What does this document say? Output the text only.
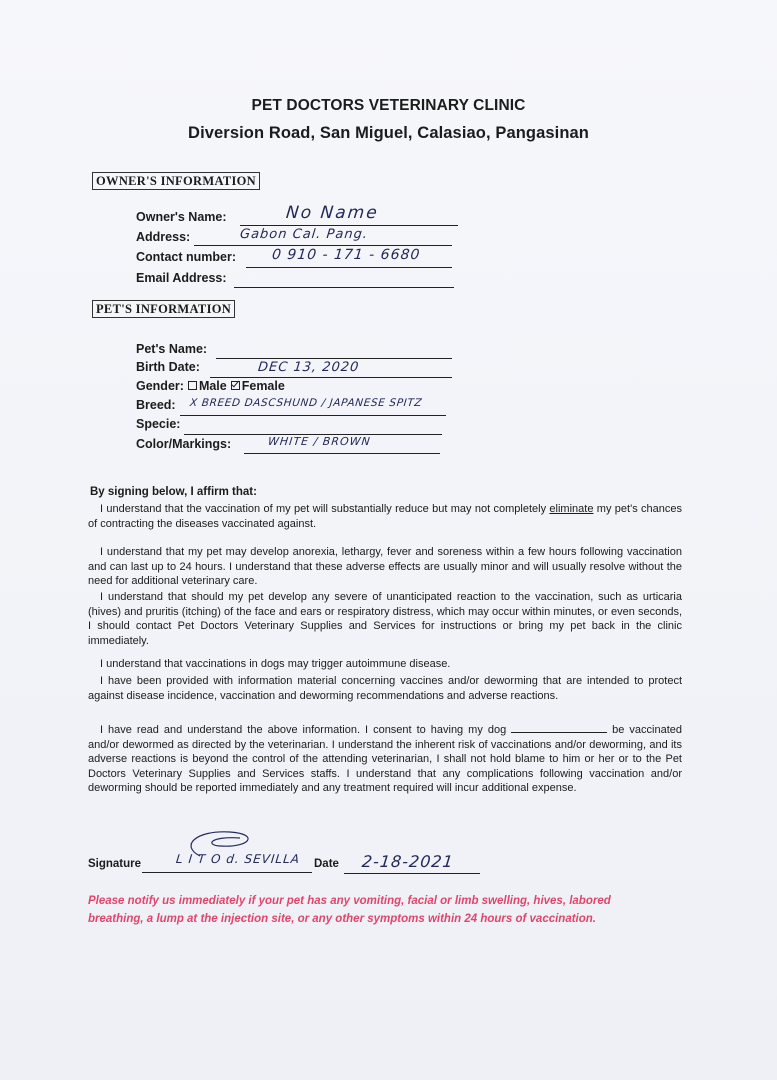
PET DOCTORS VETERINARY CLINIC
Diversion Road, San Miguel, Calasiao, Pangasinan
OWNER'S INFORMATION
Owner's Name:	No Name
Address:	Gabon Cal. Pang.
Contact number:	0 910 - 171 - 6680
Email Address:
PET'S INFORMATION
Pet's Name:
Birth Date:	DEC 13, 2020
Gender: Male Female
Breed: X BREED DASCSHUND / JAPANESE SPITZ
Specie:
Color/Markings:	WHITE / BROWN
By signing below, I affirm that:
I understand that the vaccination of my pet will substantially reduce but may not completely eliminate my pet's chances of contracting the diseases vaccinated against.
I understand that my pet may develop anorexia, lethargy, fever and soreness within a few hours following vaccination and can last up to 24 hours. I understand that these adverse effects are usually minor and will usually resolve without the need for additional veterinary care.
I understand that should my pet develop any severe of unanticipated reaction to the vaccination, such as urticaria (hives) and pruritis (itching) of the face and ears or respiratory distress, which may occur within minutes, or even seconds, I should contact Pet Doctors Veterinary Supplies and Services for instructions or bring my pet back in the clinic immediately.
I understand that vaccinations in dogs may trigger autoimmune disease.
I have been provided with information material concerning vaccines and/or deworming that are intended to protect against disease incidence, vaccination and deworming recommendations and adverse reactions.
I have read and understand the above information. I consent to having my dog	be vaccinated and/or dewormed as directed by the veterinarian. I understand the inherent risk of vaccinations and/or deworming, and its adverse reactions is beyond the control of the attending veterinarian, I shall not hold blame to him or her or to the Pet Doctors Veterinary Supplies and Services staffs. I understand that any complications following vaccination and/or deworming should be reported immediately and any treatment required will incur additional expense.
Signature	L I T O d. SEVILLA Date 2-18-2021
Please notify us immediately if your pet has any vomiting, facial or limb swelling, hives, labored breathing, a lump at the injection site, or any other symptoms within 24 hours of vaccination.
